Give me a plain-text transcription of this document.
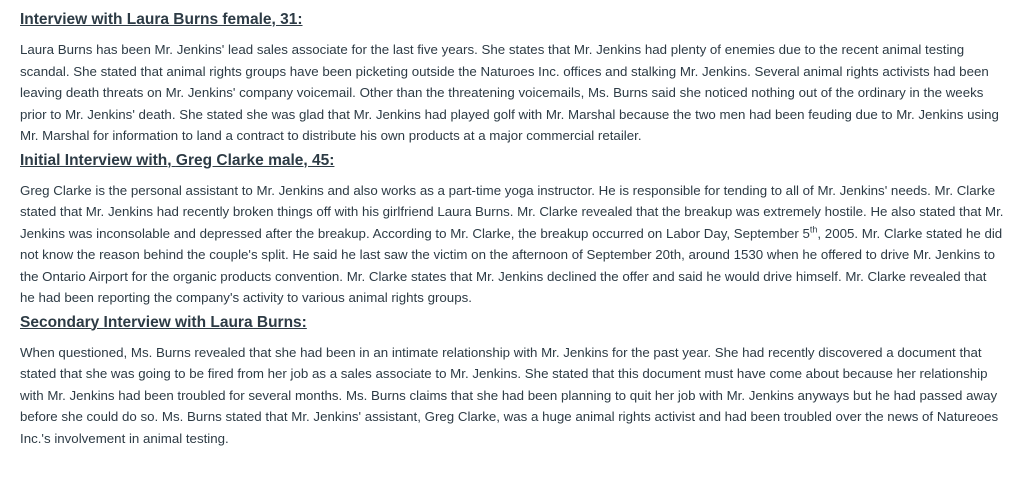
Interview with Laura Burns female, 31:

Laura Burns has been Mr. Jenkins' lead sales associate for the last five years. She states that Mr. Jenkins had plenty of enemies due to the recent animal testing scandal. She stated that animal rights groups have been picketing outside the Naturoes Inc. offices and stalking Mr. Jenkins. Several animal rights activists had been leaving death threats on Mr. Jenkins' company voicemail. Other than the threatening voicemails, Ms. Burns said she noticed nothing out of the ordinary in the weeks prior to Mr. Jenkins' death. She stated she was glad that Mr. Jenkins had played golf with Mr. Marshal because the two men had been feuding due to Mr. Jenkins using Mr. Marshal for information to land a contract to distribute his own products at a major commercial retailer.

Initial Interview with, Greg Clarke male, 45:

Greg Clarke is the personal assistant to Mr. Jenkins and also works as a part-time yoga instructor. He is responsible for tending to all of Mr. Jenkins' needs. Mr. Clarke stated that Mr. Jenkins had recently broken things off with his girlfriend Laura Burns. Mr. Clarke revealed that the breakup was extremely hostile. He also stated that Mr. Jenkins was inconsolable and depressed after the breakup. According to Mr. Clarke, the breakup occurred on Labor Day, September 5th, 2005. Mr. Clarke stated he did not know the reason behind the couple's split. He said he last saw the victim on the afternoon of September 20th, around 1530 when he offered to drive Mr. Jenkins to the Ontario Airport for the organic products convention. Mr. Clarke states that Mr. Jenkins declined the offer and said he would drive himself. Mr. Clarke revealed that he had been reporting the company's activity to various animal rights groups.

Secondary Interview with Laura Burns:

When questioned, Ms. Burns revealed that she had been in an intimate relationship with Mr. Jenkins for the past year. She had recently discovered a document that stated that she was going to be fired from her job as a sales associate to Mr. Jenkins. She stated that this document must have come about because her relationship with Mr. Jenkins had been troubled for several months. Ms. Burns claims that she had been planning to quit her job with Mr. Jenkins anyways but he had passed away before she could do so. Ms. Burns stated that Mr. Jenkins' assistant, Greg Clarke, was a huge animal rights activist and had been troubled over the news of Natureoes Inc.'s involvement in animal testing.
